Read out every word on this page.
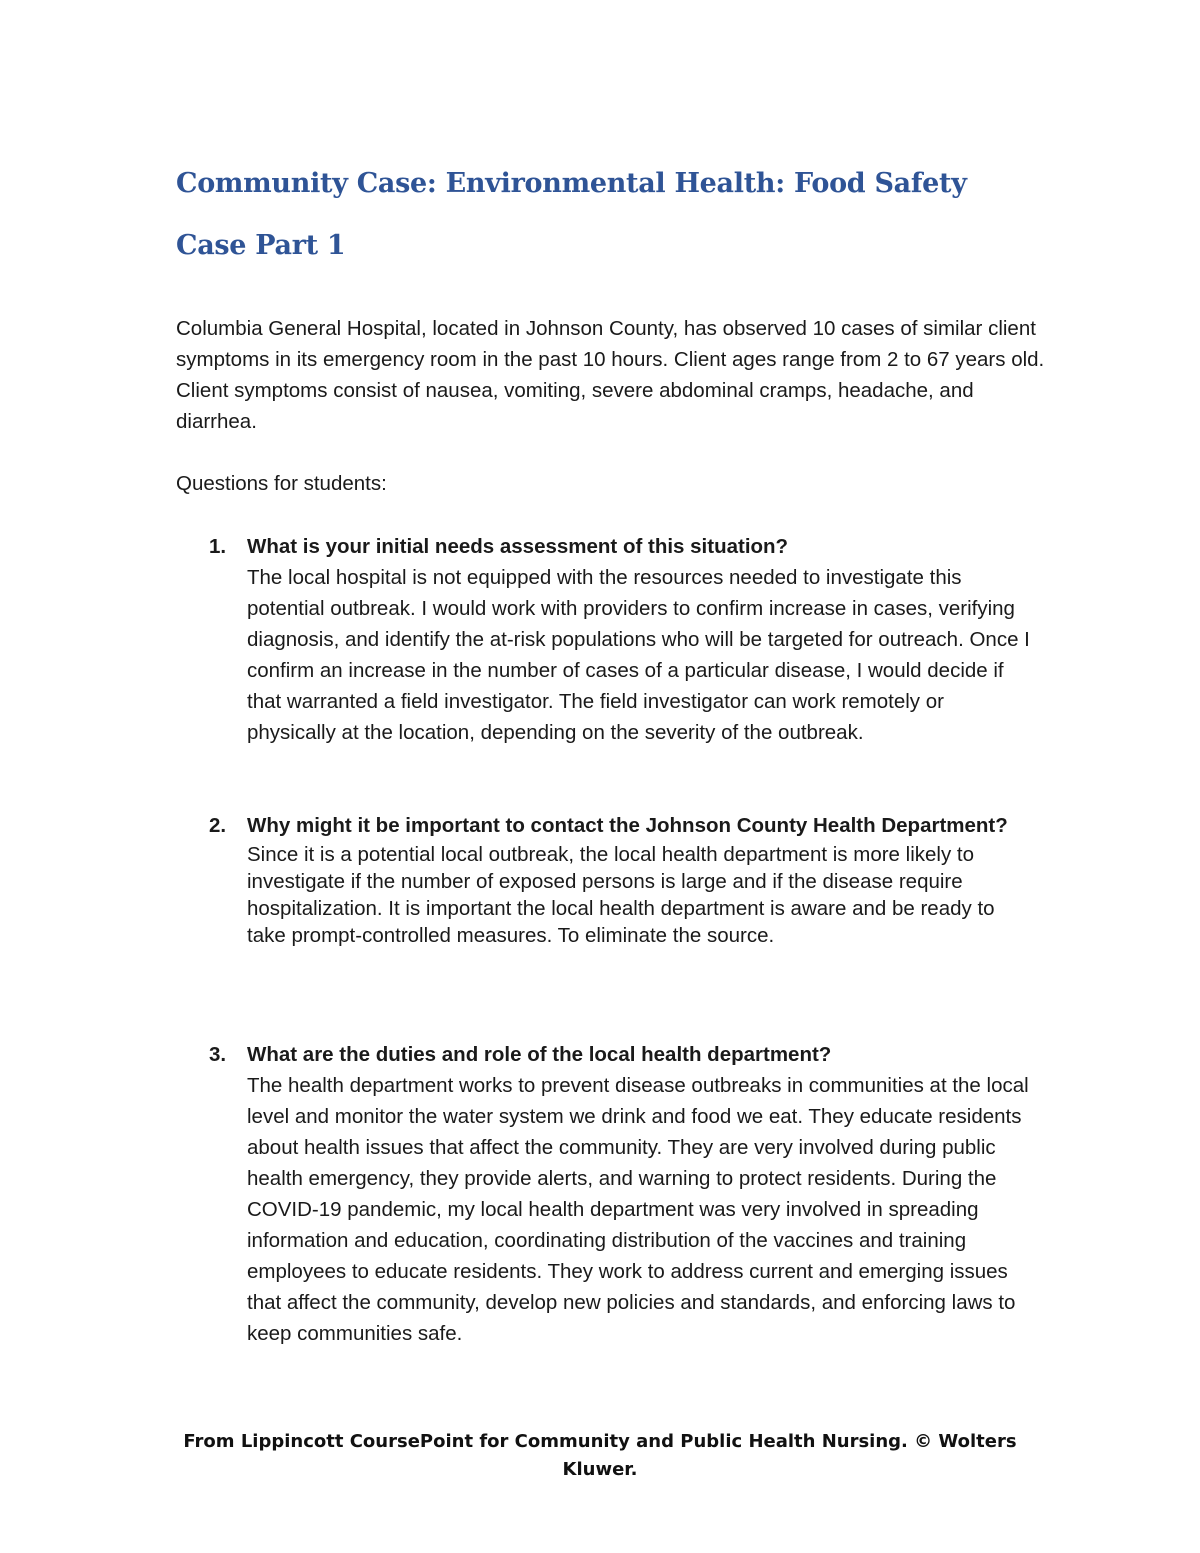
Community Case: Environmental Health: Food Safety
Case Part 1

Columbia General Hospital, located in Johnson County, has observed 10 cases of similar client symptoms in its emergency room in the past 10 hours. Client ages range from 2 to 67 years old. Client symptoms consist of nausea, vomiting, severe abdominal cramps, headache, and diarrhea.

Questions for students:

1. What is your initial needs assessment of this situation?

The local hospital is not equipped with the resources needed to investigate this potential outbreak. I would work with providers to confirm increase in cases, verifying diagnosis, and identify the at-risk populations who will be targeted for outreach. Once I confirm an increase in the number of cases of a particular disease, I would decide if that warranted a field investigator. The field investigator can work remotely or physically at the location, depending on the severity of the outbreak.

2. Why might it be important to contact the Johnson County Health Department?

Since it is a potential local outbreak, the local health department is more likely to investigate if the number of exposed persons is large and if the disease require hospitalization. It is important the local health department is aware and be ready to take prompt-controlled measures. To eliminate the source.

3. What are the duties and role of the local health department?

The health department works to prevent disease outbreaks in communities at the local level and monitor the water system we drink and food we eat. They educate residents about health issues that affect the community. They are very involved during public health emergency, they provide alerts, and warning to protect residents. During the COVID-19 pandemic, my local health department was very involved in spreading information and education, coordinating distribution of the vaccines and training employees to educate residents. They work to address current and emerging issues that affect the community, develop new policies and standards, and enforcing laws to keep communities safe.

From Lippincott CoursePoint for Community and Public Health Nursing. © Wolters Kluwer.
